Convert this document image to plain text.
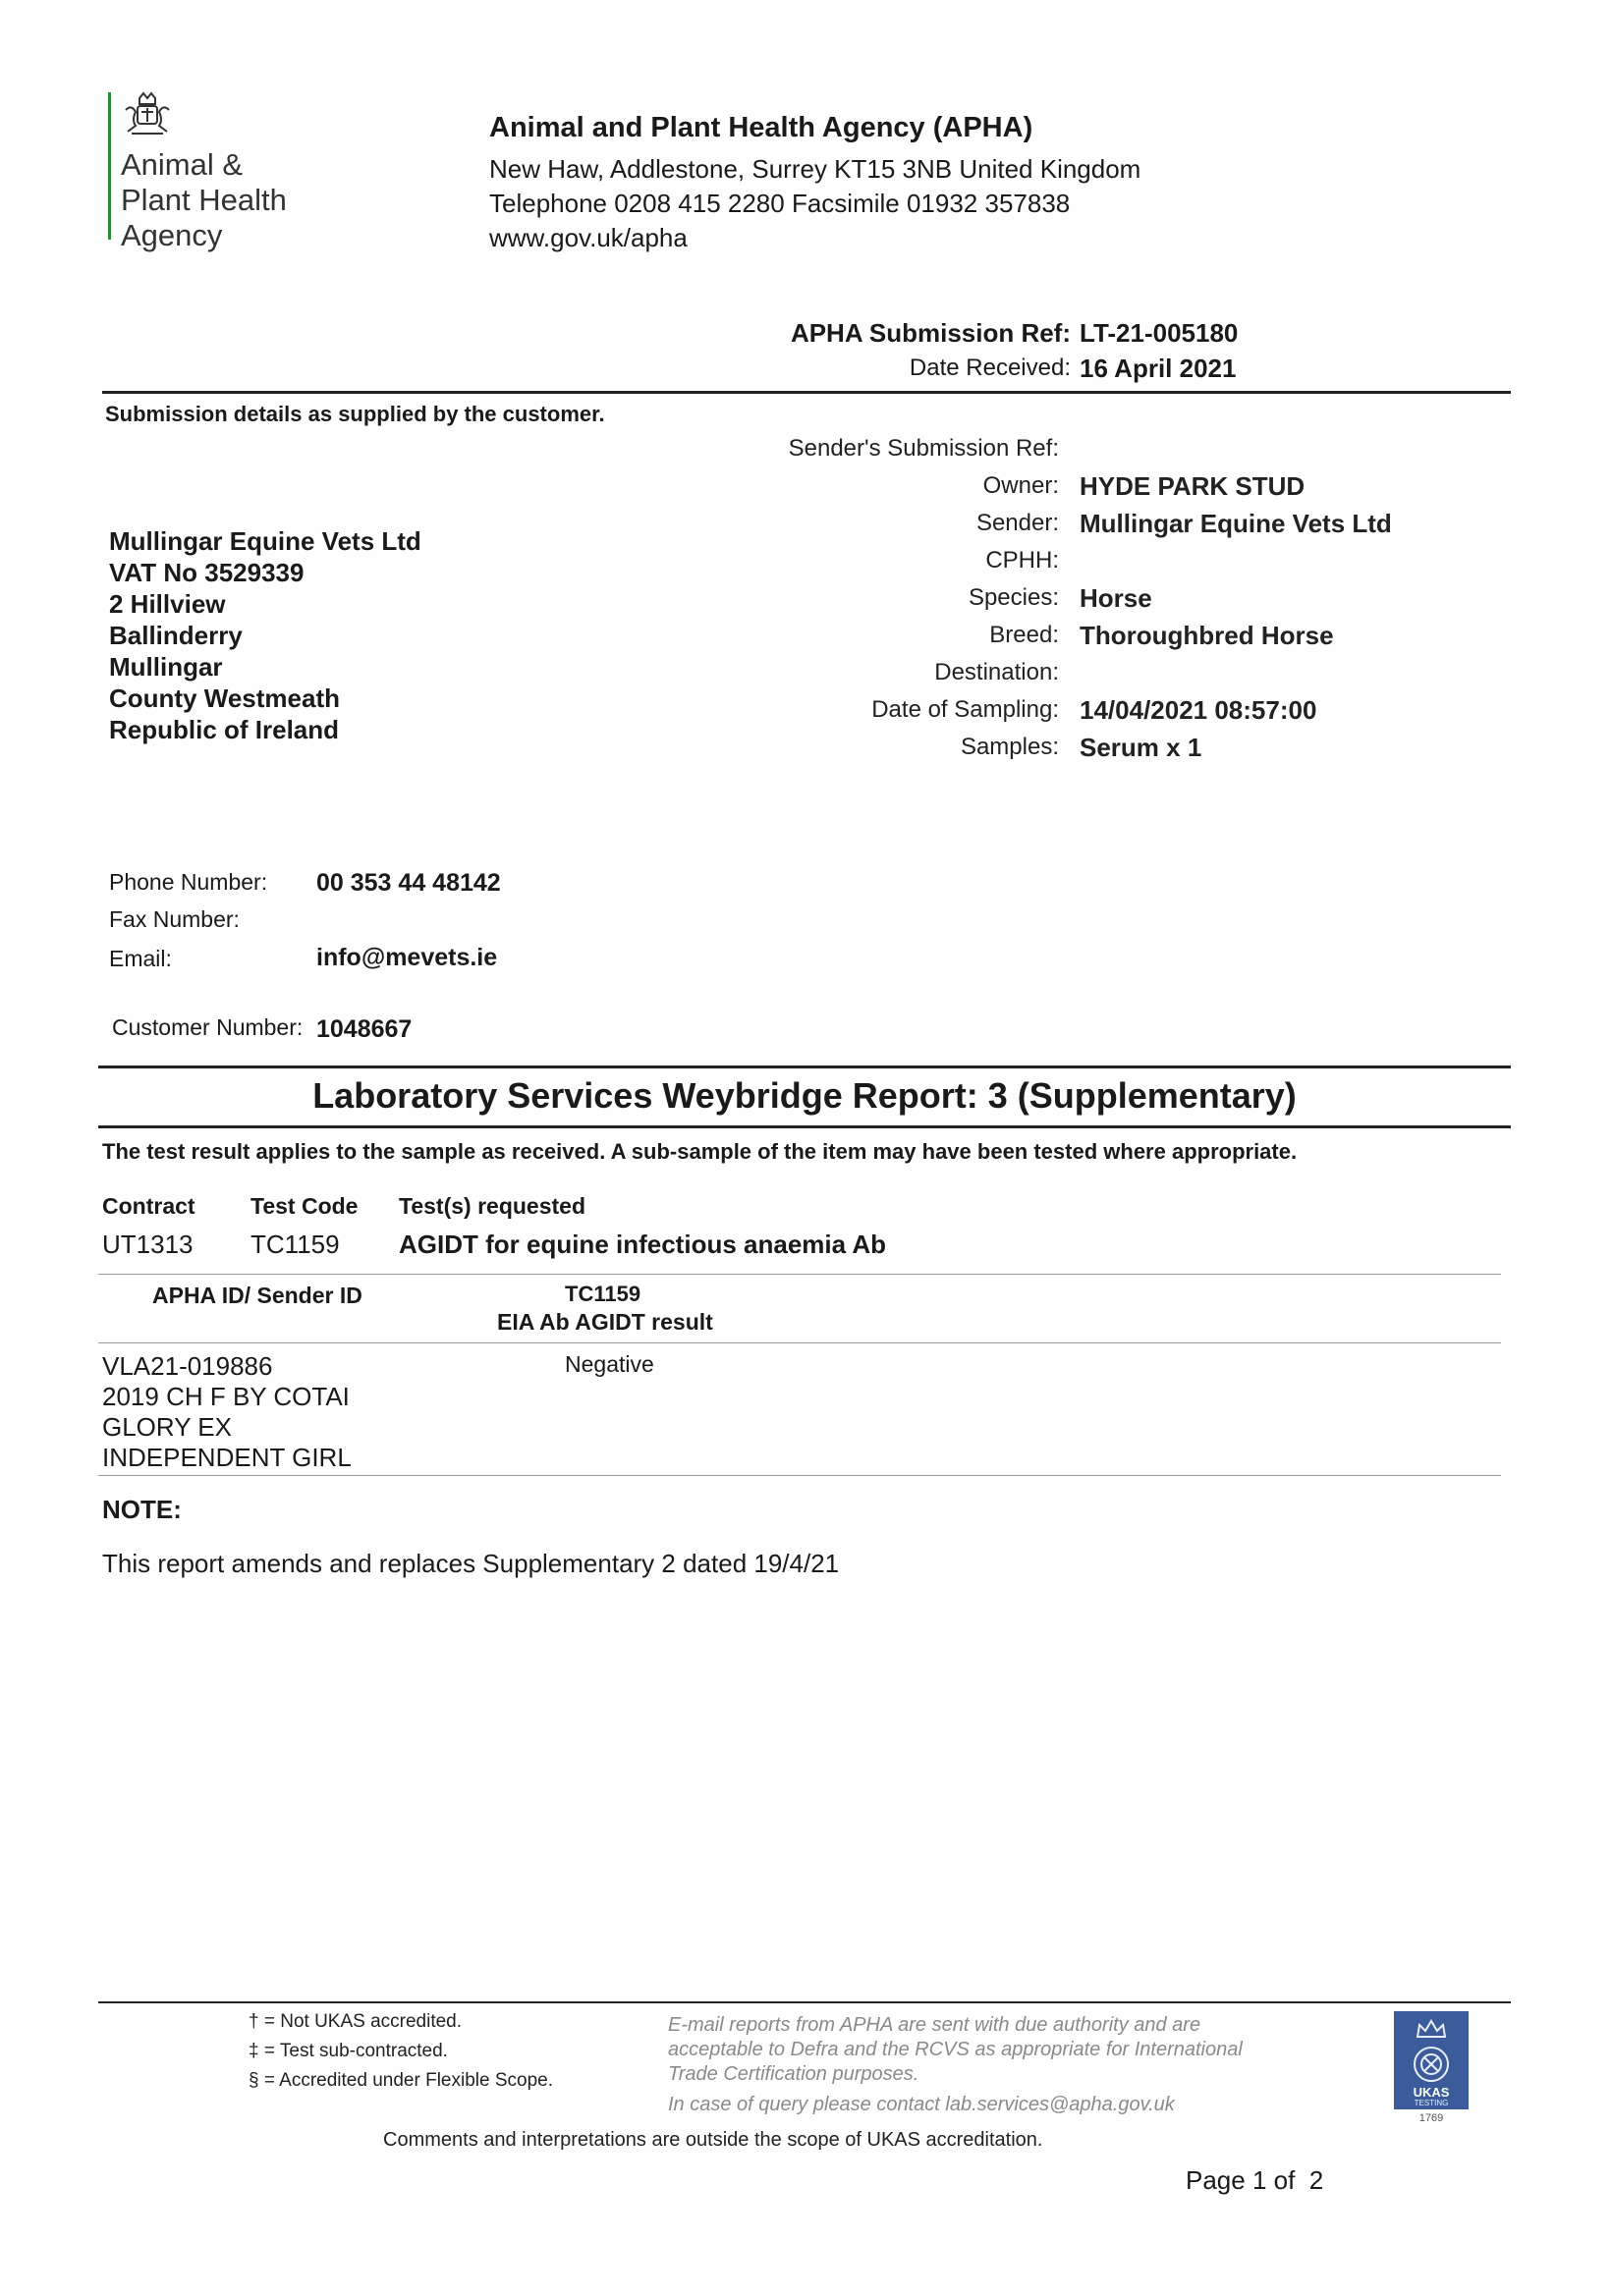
Animal &
Plant Health
Agency
Animal and Plant Health Agency (APHA)
New Haw, Addlestone, Surrey KT15 3NB United Kingdom
Telephone 0208 415 2280 Facsimile 01932 357838
www.gov.uk/apha
APHA Submission Ref: LT-21-005180
Date Received: 16 April 2021
Submission details as supplied by the customer.
Mullingar Equine Vets Ltd
VAT No 3529339
2 Hillview
Ballinderry
Mullingar
County Westmeath
Republic of Ireland
Sender's Submission Ref:
Owner: HYDE PARK STUD
Sender: Mullingar Equine Vets Ltd
CPHH:
Species: Horse
Breed: Thoroughbred Horse
Destination:
Date of Sampling: 14/04/2021 08:57:00
Samples: Serum x 1
Phone Number: 00 353 44 48142
Fax Number:
Email:	info@mevets.ie
Customer Number: 1048667
Laboratory Services Weybridge Report: 3 (Supplementary)
The test result applies to the sample as received. A sub-sample of the item may have been tested where appropriate.
Contract Test Code Test(s) requested
UT1313 TC1159 AGIDT for equine infectious anaemia Ab
APHA ID/ Sender ID	TC1159
EIA Ab AGIDT result
VLA21-019886
2019 CH F BY COTAI
GLORY EX
INDEPENDENT GIRL
Negative
NOTE:
This report amends and replaces Supplementary 2 dated 19/4/21
† = Not UKAS accredited.
‡ = Test sub-contracted.
§ = Accredited under Flexible Scope.
E-mail reports from APHA are sent with due authority and are
acceptable to Defra and the RCVS as appropriate for International
Trade Certification purposes.
In case of query please contact lab.services@apha.gov.uk
UKAS
TESTING
1769
Comments and interpretations are outside the scope of UKAS accreditation.
Page 1 of  2
